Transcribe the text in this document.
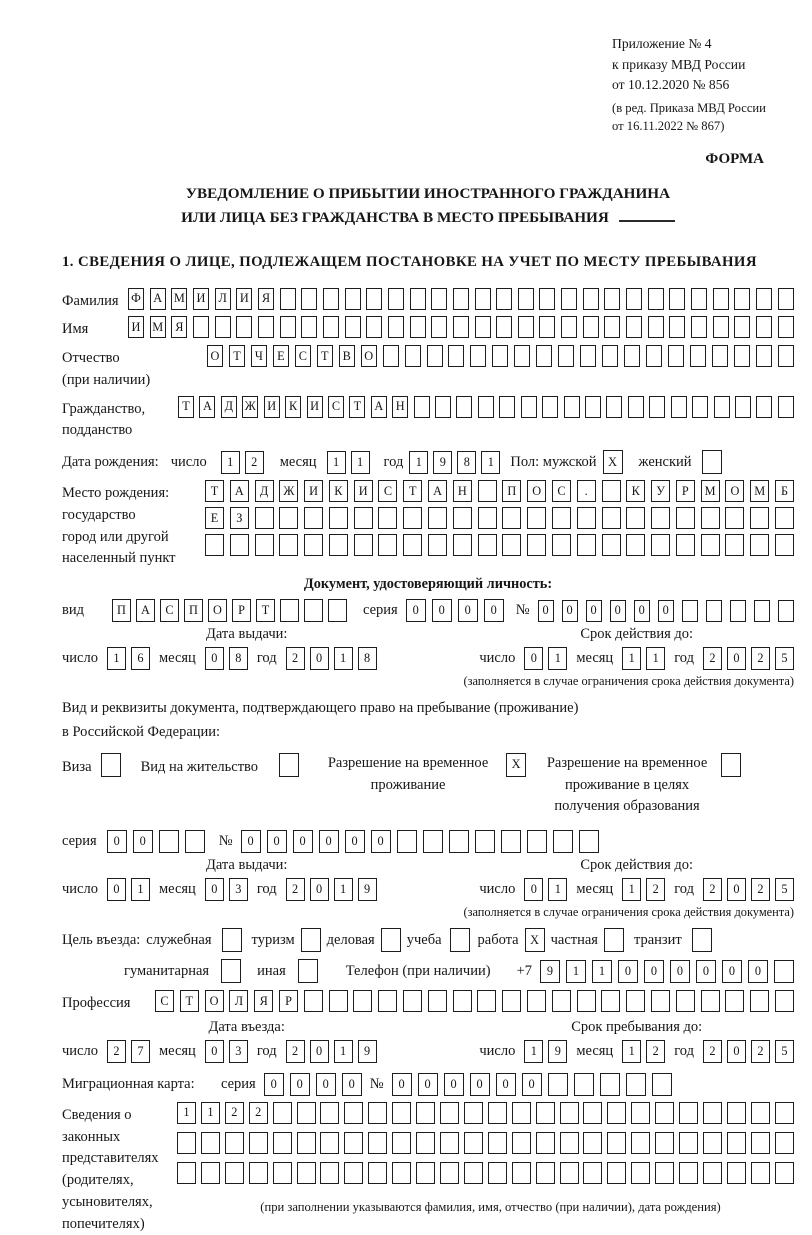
Приложение № 4
к приказу МВД России
от 10.12.2020 № 856
(в ред. Приказа МВД России
от 16.11.2022 № 867)
ФОРМА
УВЕДОМЛЕНИЕ О ПРИБЫТИИ ИНОСТРАННОГО ГРАЖДАНИНА
ИЛИ ЛИЦА БЕЗ ГРАЖДАНСТВА В МЕСТО ПРЕБЫВАНИЯ
1. СВЕДЕНИЯ О ЛИЦЕ, ПОДЛЕЖАЩЕМ ПОСТАНОВКЕ НА УЧЕТ ПО МЕСТУ ПРЕБЫВАНИЯ
Фамилия	Ф А М И	Л	И	Я
Имя	И М Я
Отчество
(при наличии)
О	Т	Ч	Е	С	Т	В	О
Гражданство,
подданство
Т	А	Д Ж И	К	И	С	Т	А Н
Дата рождения: число	1	2	месяц	1	1	год	1	9	8	1	Пол: мужской X	женский
Место рождения:
государство
город или другой
населенный пункт
Т	А	Д	Ж	И	К	И	С	Т	А	Н	П	О	С	.	К	У	Р	М	О	М	Б
Е	З
Документ, удостоверяющий личность:
вид	П	А	С	П	О	Р	Т	серия	0	0	0	0	№	0	0	0	0	0	0
Дата выдачи:
число	1	6	месяц	0	8	год	2	0	1	8
Срок действия до:
число	0	1	месяц	1	1	год	2	0	2	5
(заполняется в случае ограничения срока действия документа)
Вид и реквизиты документа, подтверждающего право на пребывание (проживание)
в Российской Федерации:
Виза	Вид на жительство	Разрешение на временное проживание
X	Разрешение на временное проживание в целях получения образования
серия	0	0	№	0	0	0	0	0	0
Дата выдачи:
число	0	1	месяц	0	3	год	2	0	1	9
Срок действия до:
число	0	1	месяц	1	2	год	2	0	2	5
(заполняется в случае ограничения срока действия документа)
Цель въезда: служебная	туризм деловая учеба работа X частная транзит
гуманитарная	иная	Телефон (при наличии) +7	9	1	1	0	0	0	0	0	0
Профессия	С	Т	О	Л	Я	Р
Дата въезда:
число	2	7	месяц	0	3	год	2	0	1	9
Срок пребывания до:
число	1	9	месяц	1	2	год	2	0	2	5
Миграционная карта:	серия	0	0	0	0	№	0	0	0	0	0	0
Сведения о
законных
представителях
(родителях,
усыновителях,
попечителях)
1	1	2	2
(при заполнении указываются фамилия, имя, отчество (при наличии), дата рождения)
